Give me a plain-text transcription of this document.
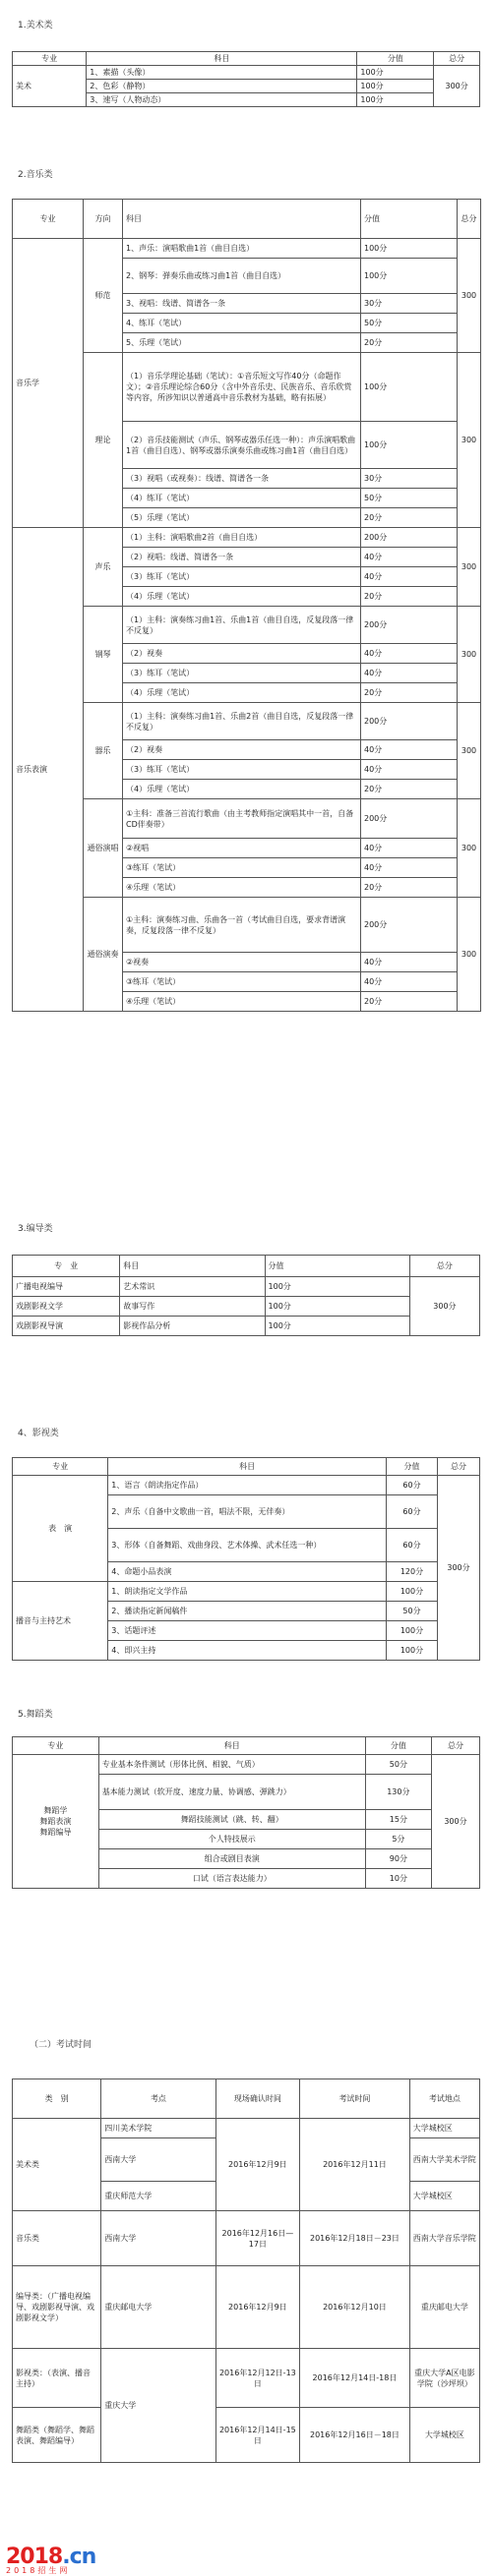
1.美术类
专业	科目	分值	总分
美术	1、素描（头像）	100分	300分
	2、色彩（静物）	100分	
	3、速写（人物动态）	100分	
2.音乐类
专业	方向	科目	分值	总分
音乐学	师范	1、声乐：演唱歌曲1首（曲目自选）	100分	300
		2、钢琴：弹奏乐曲或练习曲1首（曲目自选）	100分	
		3、视唱：线谱、简谱各一条	30分	
		4、练耳（笔试）	50分	
		5、乐理（笔试）	20分	
	理论	（1）音乐学理论基础（笔试）：①音乐短文写作40分（命题作文）；②音乐理论综合60分（含中外音乐史、民族音乐、音乐欣赏等内容，所涉知识以普通高中音乐教材为基础，略有拓展）	100分	300
		（2）音乐技能测试（声乐、钢琴或器乐任选一种）：声乐演唱歌曲1首（曲目自选）、钢琴或器乐演奏乐曲或练习曲1首（曲目自选）	100分	
		（3）视唱（或视奏）：线谱、简谱各一条	30分	
		（4）练耳（笔试）	50分	
		（5）乐理（笔试）	20分	
音乐表演	声乐	（1）主科：演唱歌曲2首（曲目自选）	200分	300
		（2）视唱：线谱、简谱各一条	40分	
		（3）练耳（笔试）	40分	
		（4）乐理（笔试）	20分	
	钢琴	（1）主科：演奏练习曲1首、乐曲1首（曲目自选，反复段落一律不反复）	200分	300
		（2）视奏	40分	
		（3）练耳（笔试）	40分	
		（4）乐理（笔试）	20分	
	器乐	（1）主科：演奏练习曲1首、乐曲2首（曲目自选，反复段落一律不反复）	200分	300
		（2）视奏	40分	
		（3）练耳（笔试）	40分	
		（4）乐理（笔试）	20分	
	通俗演唱	①主科：准备三首流行歌曲（由主考教师指定演唱其中一首，自备CD伴奏带）	200分	300
		②视唱	40分	
		③练耳（笔试）	40分	
		④乐理（笔试）	20分	
	通俗演奏	①主科：演奏练习曲、乐曲各一首（考试曲目自选，要求背谱演奏，反复段落一律不反复）	200分	300
		②视奏	40分	
		③练耳（笔试）	40分	
		④乐理（笔试）	20分	
3.编导类
专　业	科目	分值	总分
广播电视编导	艺术常识	100分	300分
戏剧影视文学	故事写作	100分	
戏剧影视导演	影视作品分析	100分	
4、影视类
专业	科目	分值	总分
表　演	1、语言（朗读指定作品）	60分	300分
	2、声乐（自备中文歌曲一首，唱法不限，无伴奏）	60分	
	3、形体（自备舞蹈、戏曲身段、艺术体操、武术任选一种）	60分	
	4、命题小品表演	120分	
播音与主持艺术	1、朗读指定文学作品	100分	
	2、播读指定新闻稿件	50分	
	3、话题评述	100分	
	4、即兴主持	100分	
5.舞蹈类
专业	科目	分值	总分

舞蹈学
舞蹈表演
舞蹈编导	专业基本条件测试（形体比例、相貌、气质）	50分	300分
	基本能力测试（软开度、速度力量、协调感、弹跳力）	130分	
	舞蹈技能测试（跳、转、翻）	15分	
	个人特技展示	5分	
	组合或剧目表演	90分	
	口试（语言表达能力）	10分	
（二）考试时间
类　别	考点	现场确认时间	考试时间	考试地点
美术类	四川美术学院	2016年12月9日	2016年12月11日	大学城校区
	西南大学			西南大学美术学院
	重庆师范大学			大学城校区
音乐类	西南大学	2016年12月16日—17日	2016年12月18日－23日	西南大学音乐学院
编导类：（广播电视编导、戏剧影视导演、戏剧影视文学）	重庆邮电大学	2016年12月9日	2016年12月10日	重庆邮电大学
影视类：（表演、播音主持）	重庆大学	2016年12月12日-13日	2016年12月14日-18日	重庆大学A区电影学院（沙坪坝）
舞蹈类（舞蹈学、舞蹈表演、舞蹈编导）		2016年12月14日-15日	2016年12月16日－18日	大学城校区
2018.cn
2018招生网
